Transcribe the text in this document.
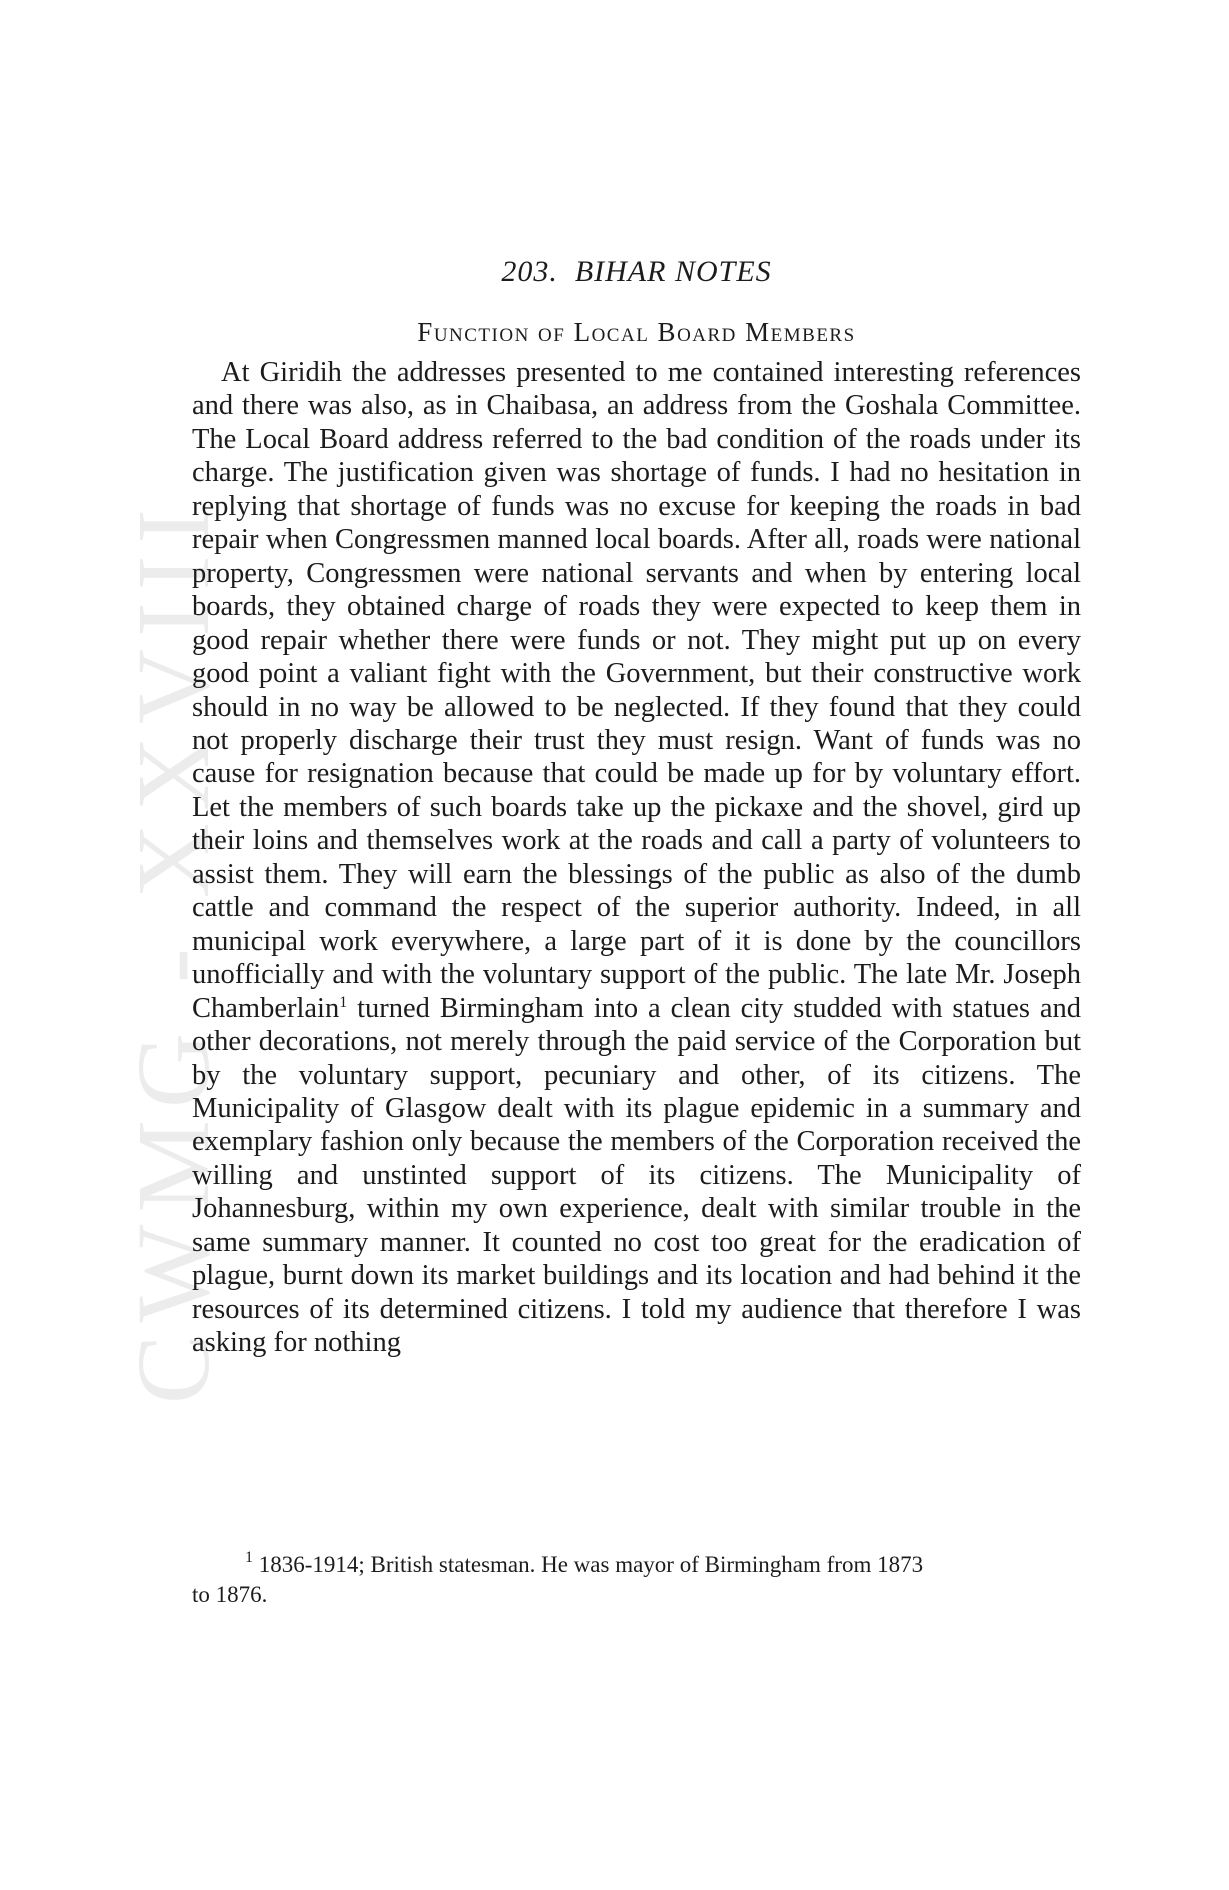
CWMG - XXVIII
203. BIHAR NOTES
Function of Local Board Members

At Giridih the addresses presented to me contained interesting references and there was also, as in Chaibasa, an address from the Goshala Committee. The Local Board address referred to the bad condition of the roads under its charge. The justification given was shortage of funds. I had no hesitation in replying that shortage of funds was no excuse for keeping the roads in bad repair when Congressmen manned local boards. After all, roads were national property, Congressmen were national servants and when by entering local boards, they obtained charge of roads they were expected to keep them in good repair whether there were funds or not. They might put up on every good point a valiant fight with the Government, but their constructive work should in no way be allowed to be neglected. If they found that they could not properly discharge their trust they must resign. Want of funds was no cause for resignation because that could be made up for by voluntary effort. Let the members of such boards take up the pickaxe and the shovel, gird up their loins and themselves work at the roads and call a party of volunteers to assist them. They will earn the blessings of the public as also of the dumb cattle and command the respect of the superior authority. Indeed, in all municipal work everywhere, a large part of it is done by the councillors unofficially and with the voluntary support of the public. The late Mr. Joseph Chamberlain$^1$ turned Birmingham into a clean city studded with statues and other decorations, not merely through the paid service of the Corporation but by the voluntary support, pecuniary and other, of its citizens. The Municipality of Glasgow dealt with its plague epidemic in a summary and exemplary fashion only because the members of the Corporation received the willing and unstinted support of its citizens. The Municipality of Johannesburg, within my own experience, dealt with similar trouble in the same summary manner. It counted no cost too great for the eradication of plague, burnt down its market buildings and its location and had behind it the resources of its determined citizens. I told my audience that therefore I was asking for nothing

$^1$ 1836-1914; British statesman. He was mayor of Birmingham from 1873
to 1876.
